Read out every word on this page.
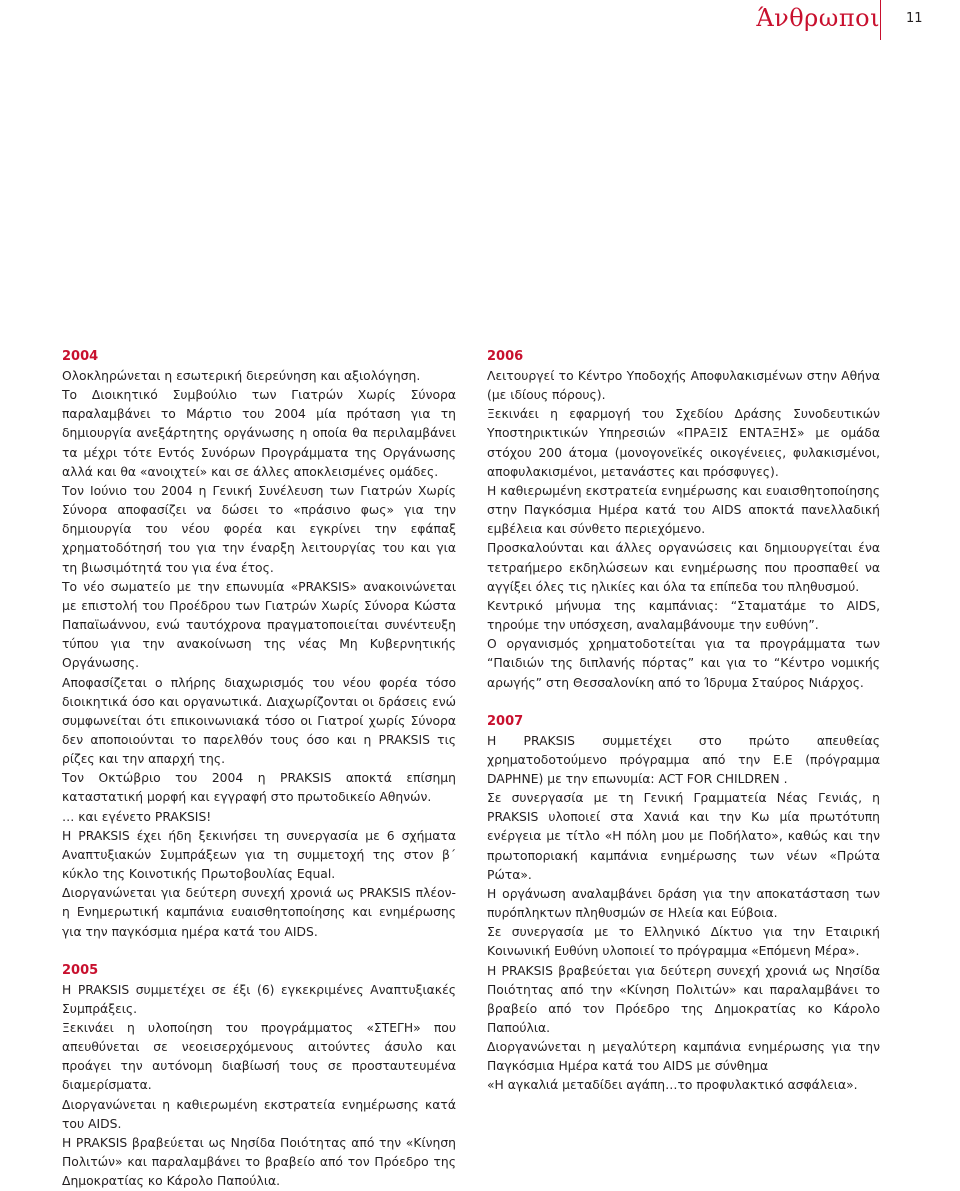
Άνθρωποι 11
2004

Ολοκληρώνεται η εσωτερική διερεύνηση και αξιολόγηση.

Το Διοικητικό Συμβούλιο των Γιατρών Χωρίς Σύνορα παραλαμβάνει το Μάρτιο του 2004 μία πρόταση για τη δημιουργία ανεξάρτητης οργάνωσης η οποία θα περιλαμβάνει τα μέχρι τότε Εντός Συνόρων Προγράμματα της Οργάνωσης αλλά και θα «ανοιχτεί» και σε άλλες αποκλεισμένες ομάδες.

Τον Ιούνιο του 2004 η Γενική Συνέλευση των Γιατρών Χωρίς Σύνορα αποφασίζει να δώσει το «πράσινο φως» για την δημιουργία του νέου φορέα και εγκρίνει την εφάπαξ χρηματοδότησή του για την έναρξη λειτουργίας του και για τη βιωσιμότητά του για ένα έτος.

Το νέο σωματείο με την επωνυμία «PRAKSIS» ανακοινώνεται με επιστολή του Προέδρου των Γιατρών Χωρίς Σύνορα Κώστα Παπαϊωάννου, ενώ ταυτόχρονα πραγματοποιείται συνέντευξη τύπου για την ανακοίνωση της νέας Μη Κυβερνητικής Οργάνωσης.

Αποφασίζεται ο πλήρης διαχωρισμός του νέου φορέα τόσο διοικητικά όσο και οργανωτικά. Διαχωρίζονται οι δράσεις ενώ συμφωνείται ότι επικοινωνιακά τόσο οι Γιατροί χωρίς Σύνορα δεν αποποιούνται το παρελθόν τους όσο και η PRAKSIS τις ρίζες και την απαρχή της.

Τον Οκτώβριο του 2004 η PRAKSIS αποκτά επίσημη καταστατική μορφή και εγγραφή στο πρωτοδικείο Αθηνών.

… και εγένετο PRAKSIS!

Η PRAKSIS έχει ήδη ξεκινήσει τη συνεργασία με 6 σχήματα Αναπτυξιακών Συμπράξεων για τη συμμετοχή της στον β΄ κύκλο της Κοινοτικής Πρωτοβουλίας Equal.

Διοργανώνεται για δεύτερη συνεχή χρονιά ως PRAKSIS πλέον- η Ενημερωτική καμπάνια ευαισθητοποίησης και ενημέρωσης για την παγκόσμια ημέρα κατά του AIDS.

2005

Η PRAKSIS συμμετέχει σε έξι (6) εγκεκριμένες Αναπτυξιακές Συμπράξεις.

Ξεκινάει η υλοποίηση του προγράμματος «ΣΤΕΓΗ» που απευθύνεται σε νεοεισερχόμενους αιτούντες άσυλο και προάγει την αυτόνομη διαβίωσή τους σε προσταυτευμένα διαμερίσματα.

Διοργανώνεται η καθιερωμένη εκστρατεία ενημέρωσης κατά του AIDS.

Η PRAKSIS βραβεύεται ως Νησίδα Ποιότητας από την «Κίνηση Πολιτών» και παραλαμβάνει το βραβείο από τον Πρόεδρο της Δημοκρατίας κο Κάρολο Παπούλια.

2006

Λειτουργεί το Κέντρο Υποδοχής Αποφυλακισμένων στην Αθήνα (με ιδίους πόρους).

Ξεκινάει η εφαρμογή του Σχεδίου Δράσης Συνοδευτικών Υποστηρικτικών Υπηρεσιών «ΠΡΑΞΙΣ ΕΝΤΑΞΗΣ» με ομάδα στόχου 200 άτομα (μονογονεϊκές οικογένειες, φυλακισμένοι, αποφυλακισμένοι, μετανάστες και πρόσφυγες).

Η καθιερωμένη εκστρατεία ενημέρωσης και ευαισθητοποίησης στην Παγκόσμια Ημέρα κατά του AIDS αποκτά πανελλαδική εμβέλεια και σύνθετο περιεχόμενο.

Προσκαλούνται και άλλες οργανώσεις και δημιουργείται ένα τετραήμερο εκδηλώσεων και ενημέρωσης που προσπαθεί να αγγίξει όλες τις ηλικίες και όλα τα επίπεδα του πληθυσμού.

Κεντρικό μήνυμα της καμπάνιας: “Σταματάμε το AIDS, τηρούμε την υπόσχεση, αναλαμβάνουμε την ευθύνη”.

Ο οργανισμός χρηματοδοτείται για τα προγράμματα των “Παιδιών της διπλανής πόρτας” και για το “Κέντρο νομικής αρωγής” στη Θεσσαλονίκη από το Ίδρυμα Σταύρος Νιάρχος.

2007

Η PRAKSIS συμμετέχει στο πρώτο απευθείας χρηματοδοτούμενο πρόγραμμα από την Ε.Ε (πρόγραμμα DAPHNE) με την επωνυμία: ACT FOR CHILDREN .

Σε συνεργασία με τη Γενική Γραμματεία Νέας Γενιάς, η PRAKSIS υλοποιεί στα Χανιά και την Κω μία πρωτότυπη ενέργεια με τίτλο «Η πόλη μου με Ποδήλατο», καθώς και την πρωτοποριακή καμπάνια ενημέρωσης των νέων «Πρώτα Ρώτα».

Η οργάνωση αναλαμβάνει δράση για την αποκατάσταση των πυρόπληκτων πληθυσμών σε Ηλεία και Εύβοια.

Σε συνεργασία με το Ελληνικό Δίκτυο για την Εταιρική Κοινωνική Ευθύνη υλοποιεί το πρόγραμμα «Επόμενη Μέρα».

Η PRAKSIS βραβεύεται για δεύτερη συνεχή χρονιά ως Νησίδα Ποιότητας από την «Κίνηση Πολιτών» και παραλαμβάνει το βραβείο από τον Πρόεδρο της Δημοκρατίας κο Κάρολο Παπούλια.

Διοργανώνεται η μεγαλύτερη καμπάνια ενημέρωσης για την Παγκόσμια Ημέρα κατά του AIDS με σύνθημα

«Η αγκαλιά μεταδίδει αγάπη…το προφυλακτικό ασφάλεια».
